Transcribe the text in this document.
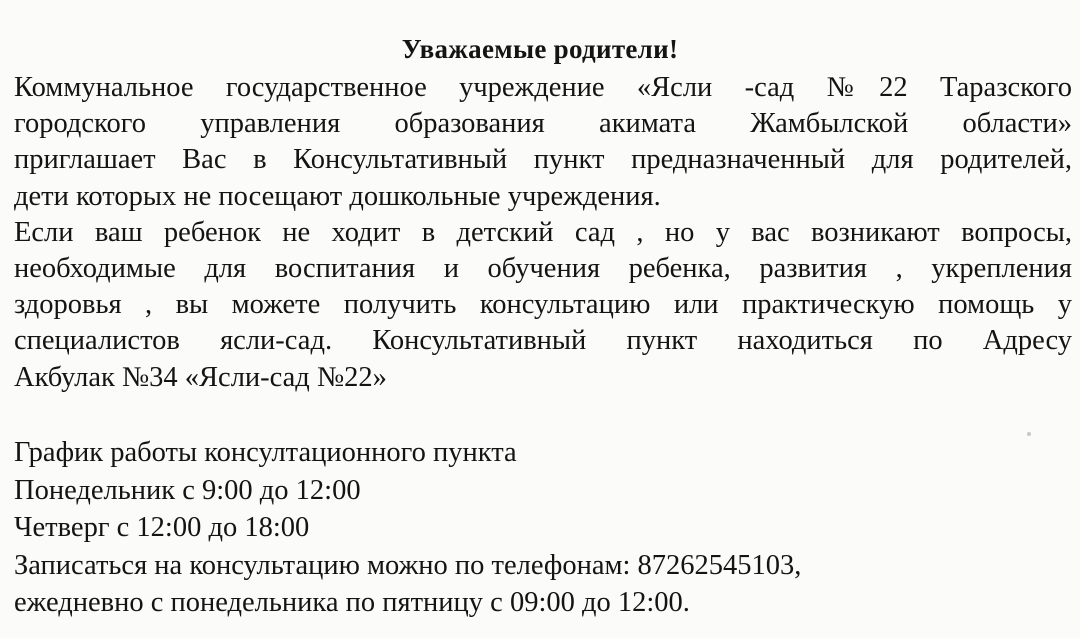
Уважаемые родители!
Коммунальное государственное учреждение «Ясли -сад №22 Таразского
городского управления образования акимата Жамбылской области»
приглашает Вас в Консультативный пункт предназначенный для родителей,
дети которых не посещают дошкольные учреждения.
Если ваш ребенок не ходит в детский сад , но у вас возникают вопросы,
необходимые для воспитания и обучения ребенка, развития , укрепления
здоровья , вы можете получить консультацию или практическую помощь у
специалистов ясли-сад. Консультативный пункт находиться по Адресу
Акбулак №34 «Ясли-сад №22»
График работы консултационного пункта
Понедельник с 9:00 до 12:00
Четверг с 12:00 до 18:00
Записаться на консультацию можно по телефонам: 87262545103,
ежедневно с понедельника по пятницу с 09:00 до 12:00.
